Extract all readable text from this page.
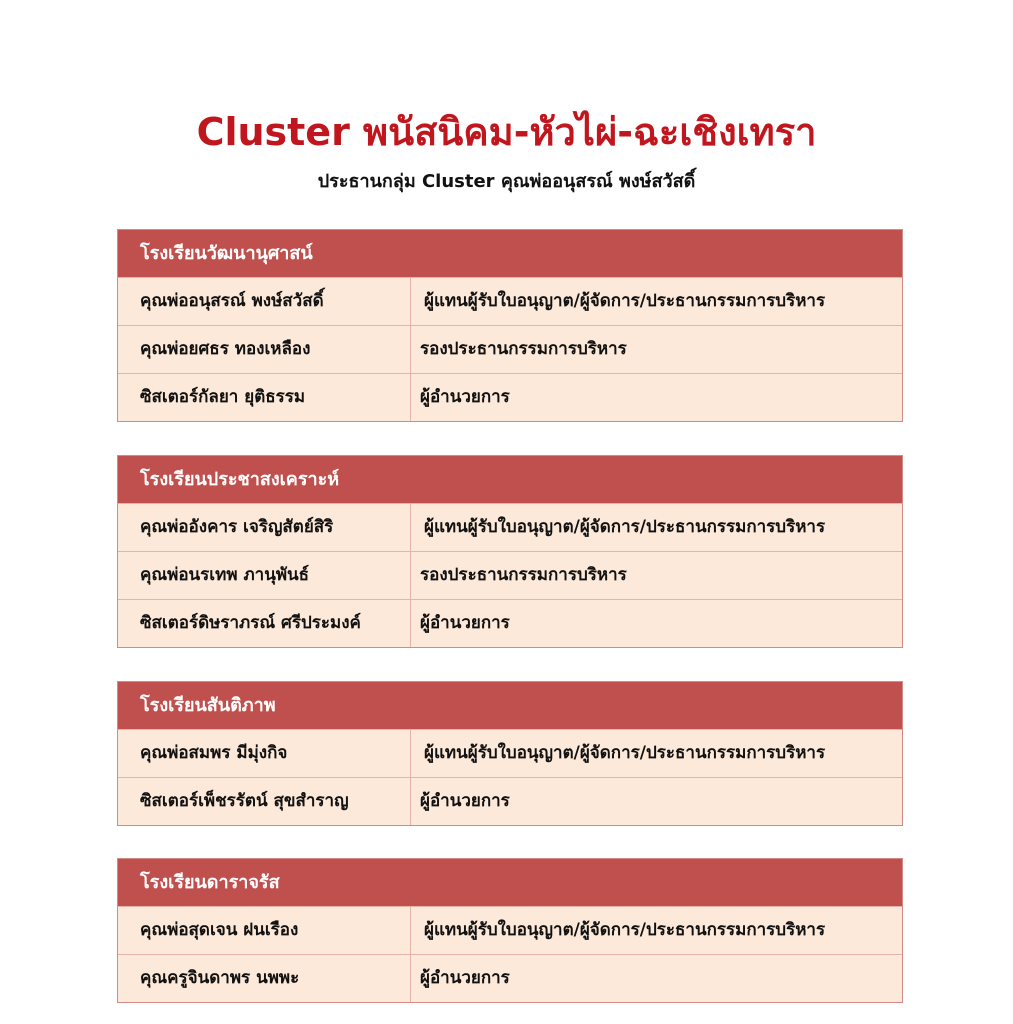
Cluster พนัสนิคม-หัวไผ่-ฉะเชิงเทรา
ประธานกลุ่ม Cluster คุณพ่ออนุสรณ์ พงษ์สวัสดิ์
โรงเรียนวัฒนานุศาสน์
คุณพ่ออนุสรณ์ พงษ์สวัสดิ์	ผู้แทนผู้รับใบอนุญาต/ผู้จัดการ/ประธานกรรมการบริหาร
คุณพ่อยศธร ทองเหลือง	รองประธานกรรมการบริหาร
ซิสเตอร์กัลยา ยุติธรรม	ผู้อำนวยการ
โรงเรียนประชาสงเคราะห์
คุณพ่ออังคาร เจริญสัตย์สิริ	ผู้แทนผู้รับใบอนุญาต/ผู้จัดการ/ประธานกรรมการบริหาร
คุณพ่อนรเทพ ภานุพันธ์	รองประธานกรรมการบริหาร
ซิสเตอร์ดิษราภรณ์ ศรีประมงค์	ผู้อำนวยการ
โรงเรียนสันติภาพ
คุณพ่อสมพร มีมุ่งกิจ	ผู้แทนผู้รับใบอนุญาต/ผู้จัดการ/ประธานกรรมการบริหาร
ซิสเตอร์เพ็ชรรัตน์ สุขสำราญ	ผู้อำนวยการ
โรงเรียนดาราจรัส
คุณพ่อสุดเจน ฝนเรือง	ผู้แทนผู้รับใบอนุญาต/ผู้จัดการ/ประธานกรรมการบริหาร
คุณครูจินดาพร นพพะ	ผู้อำนวยการ
